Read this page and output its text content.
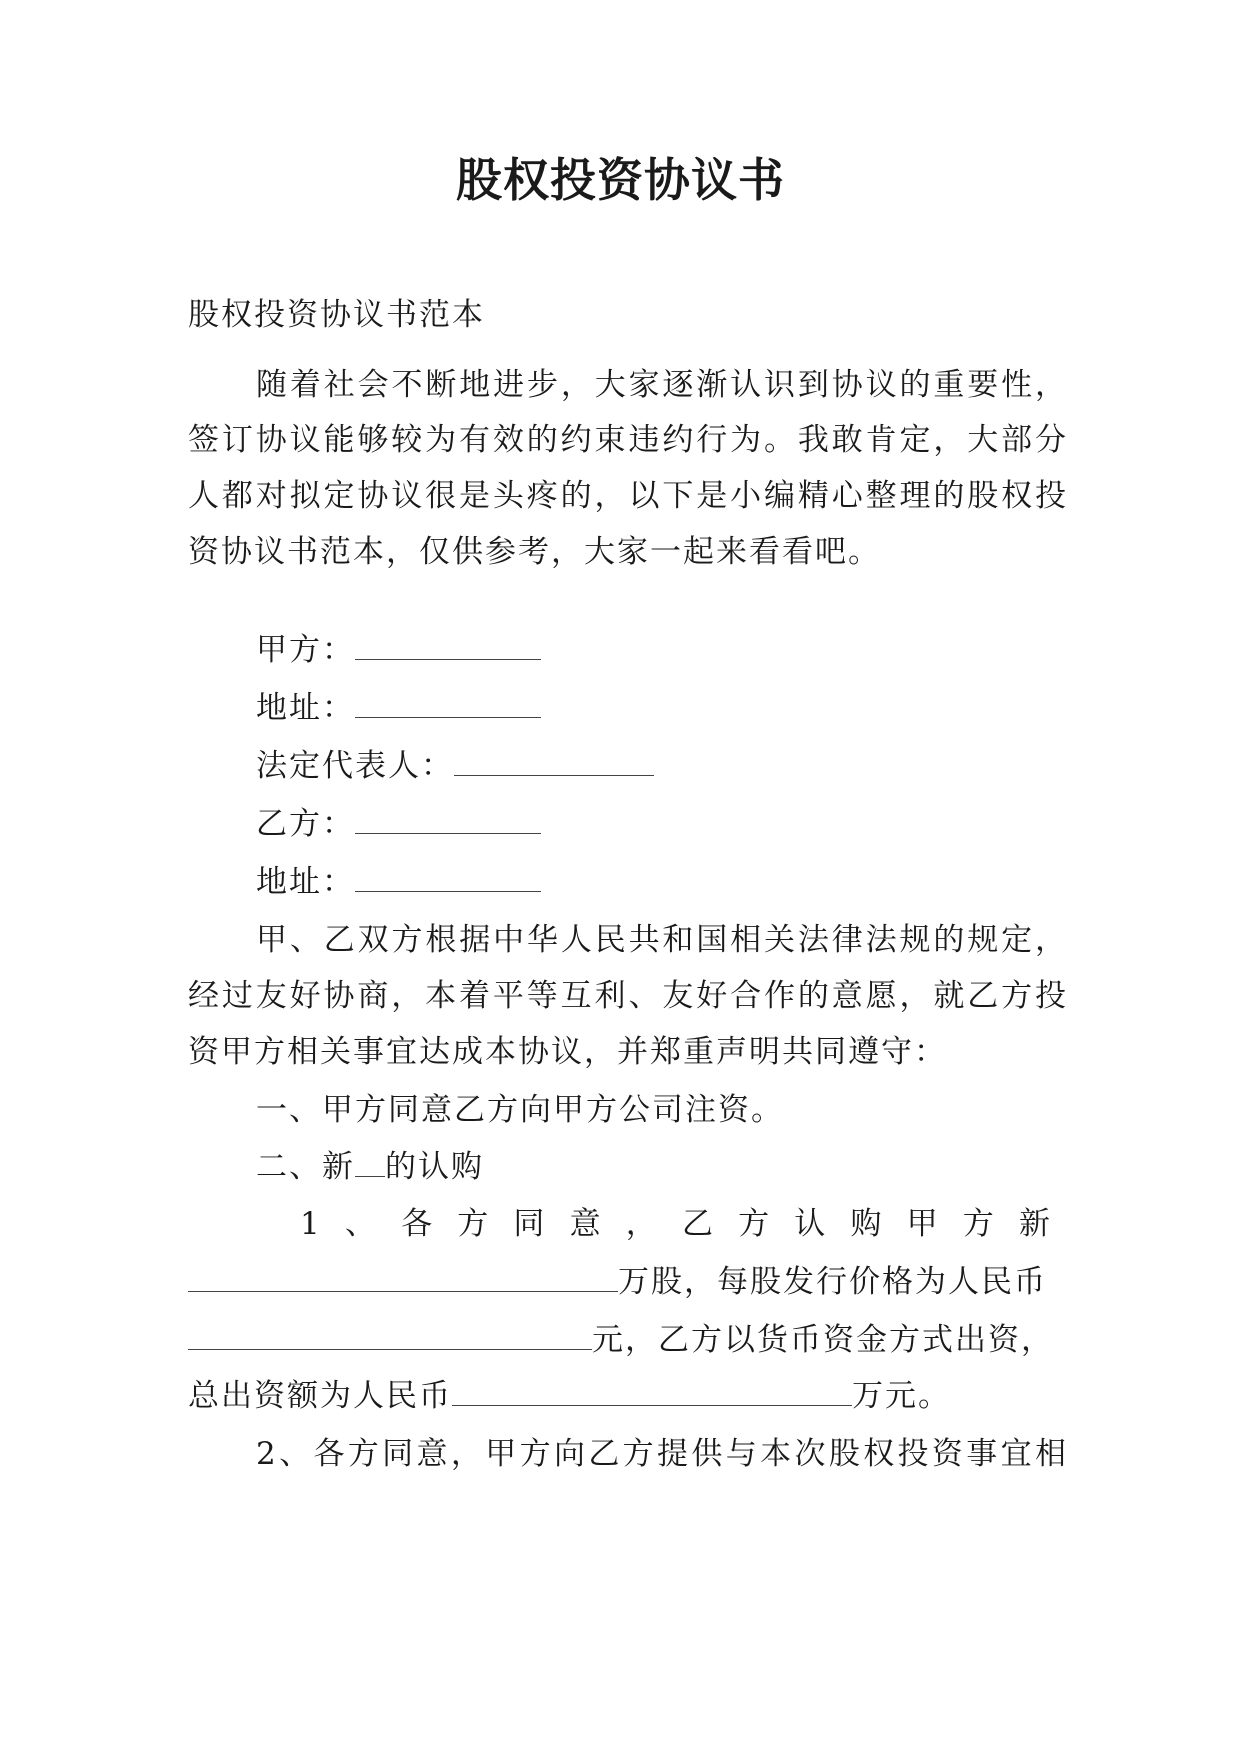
股权投资协议书
股权投资协议书范本
随着社会不断地进步，大家逐渐认识到协议的重要性，
签订协议能够较为有效的约束违约行为。我敢肯定，大部分
人都对拟定协议很是头疼的，以下是小编精心整理的股权投
资协议书范本，仅供参考，大家一起来看看吧。
甲方：
地址：
法定代表人：
乙方：
地址：
甲、乙双方根据中华人民共和国相关法律法规的规定，
经过友好协商，本着平等互利、友好合作的意愿，就乙方投
资甲方相关事宜达成本协议，并郑重声明共同遵守：
一、甲方同意乙方向甲方公司注资。
二、新 的认购
1 、 各 方 同 意 ， 乙 方 认 购 甲 方 新
万股，每股发行价格为人民币
元，乙方以货币资金方式出资，
总出资额为人民币	万元。
2、各方同意，甲方向乙方提供与本次股权投资事宜相
